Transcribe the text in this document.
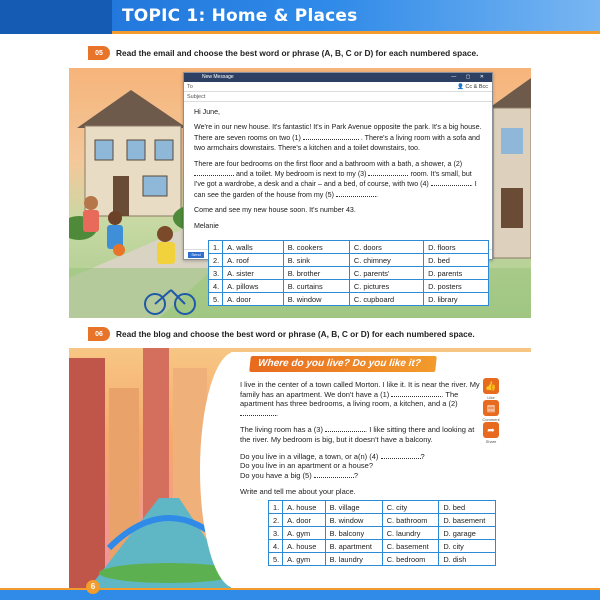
TOPIC 1: Home & Places
05	Read the email and choose the best word or phrase (A, B, C or D) for each numbered space.
New Message	— ▢ ✕
To	👤 Cc & Bcc
Subject

Hi June,

We're in our new house. It's fantastic! It's in Park Avenue opposite the park. It's a big house. There are seven rooms on two (1)	. There's a living room with a sofa and two armchairs downstairs. There's a kitchen and a toilet downstairs, too.

There are four bedrooms on the first floor and a bathroom with a bath, a shower, a (2)  and a toilet. My bedroom is next to my (3)	room. It's small, but I've got a wardrobe, a desk and a chair – and a bed, of course, with two (4)	. I can see the garden of the house from my (5)	.

Come and see my new house soon. It's number 43.

Melanie

Send
1.	A. walls	B. cookers	C. doors	D. floors
2.	A. roof	B. sink	C. chimney	D. bed
3.	A. sister	B. brother	C. parents'	D. parents
4.	A. pillows	B. curtains	C. pictures	D. posters
5.	A. door	B. window	C. cupboard	D. library
06	Read the blog and choose the best word or phrase (A, B, C or D) for each numbered space.
Where do you live? Do you like it?

I live in the center of a town called Morton. I like it. It is near the river. My family has an apartment. We don't have a (1)	. The apartment has three bedrooms, a living room, a kitchen, and a (2) .

The living room has a (3)	. I like sitting there and looking at the river. My bedroom is big, but it doesn't have a balcony.

Do you live in a village, a town, or a(n) (4)	?
Do you live in an apartment or a house?
Do you have a big (5)	?

Write and tell me about your place.

👍
Like
▤
Comment
➦
Share
1.	A. house	B. village	C. city	D. bed
2.	A. door	B. window	C. bathroom	D. basement
3.	A. gym	B. balcony	C. laundry	D. garage
4.	A. house	B. apartment	C. basement	D. city
5.	A. gym	B. laundry	C. bedroom	D. dish
6
